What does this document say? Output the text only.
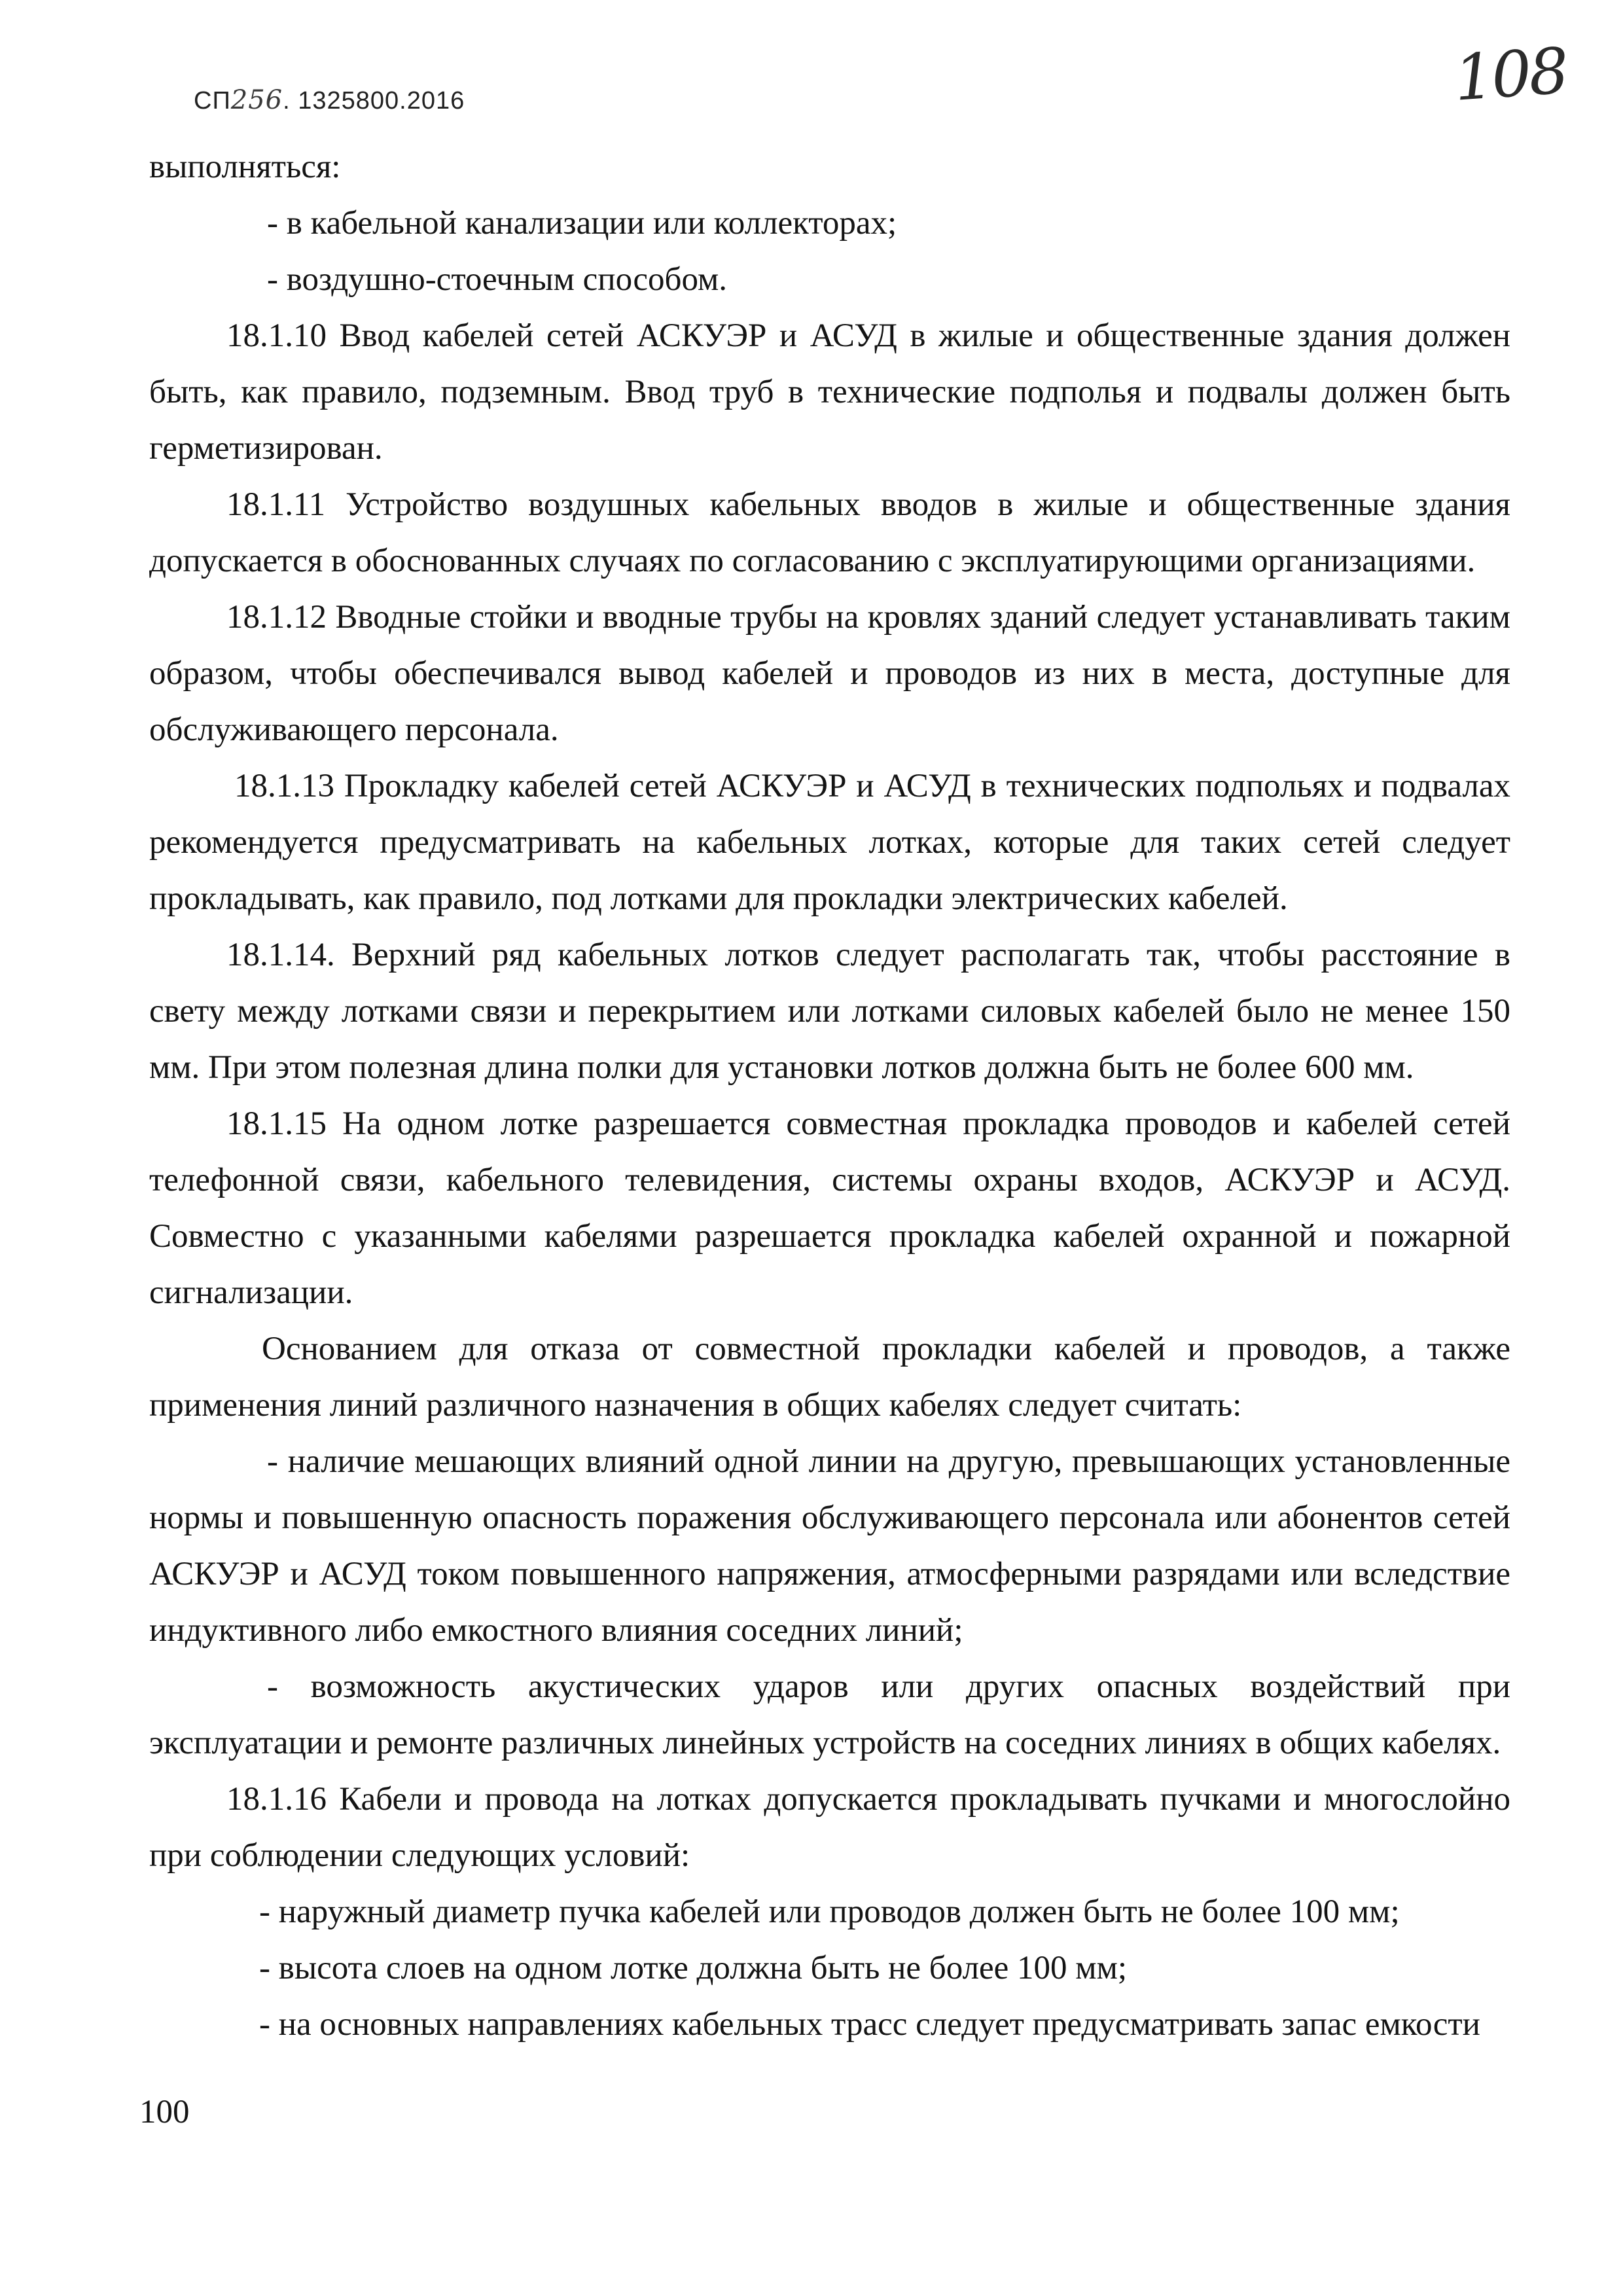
СП256. 1325800.2016	108

выполняться:

- в кабельной канализации или коллекторах;

- воздушно-стоечным способом.

18.1.10 Ввод кабелей сетей АСКУЭР и АСУД в жилые и общественные здания должен быть, как правило, подземным. Ввод труб в технические подполья и подвалы должен быть герметизирован.

18.1.11 Устройство воздушных кабельных вводов в жилые и общественные здания допускается в обоснованных случаях по согласованию с эксплуатирующими организациями.

18.1.12 Вводные стойки и вводные трубы на кровлях зданий следует устанавливать таким образом, чтобы обеспечивался вывод кабелей и проводов из них в места, доступные для обслуживающего персонала.

18.1.13 Прокладку кабелей сетей АСКУЭР и АСУД в технических подпольях и подвалах рекомендуется предусматривать на кабельных лотках, которые для таких сетей следует прокладывать, как правило, под лотками для прокладки электрических кабелей.

18.1.14. Верхний ряд кабельных лотков следует располагать так, чтобы расстояние в свету между лотками связи и перекрытием или лотками силовых кабелей было не менее 150 мм. При этом полезная длина полки для установки лотков должна быть не более 600 мм.

18.1.15 На одном лотке разрешается совместная прокладка проводов и кабелей сетей телефонной связи, кабельного телевидения, системы охраны входов, АСКУЭР и АСУД. Совместно с указанными кабелями разрешается прокладка кабелей охранной и пожарной сигнализации.

Основанием для отказа от совместной прокладки кабелей и проводов, а также применения линий различного назначения в общих кабелях следует считать:

- наличие мешающих влияний одной линии на другую, превышающих установленные нормы и повышенную опасность поражения обслуживающего персонала или абонентов сетей АСКУЭР и АСУД током повышенного напряжения, атмосферными разрядами или вследствие индуктивного либо емкостного влияния соседних линий;

- возможность акустических ударов или других опасных воздействий при эксплуатации и ремонте различных линейных устройств на соседних линиях в общих кабелях.

18.1.16 Кабели и провода на лотках допускается прокладывать пучками и многослойно при соблюдении следующих условий:

- наружный диаметр пучка кабелей или проводов должен быть не более 100 мм;

- высота слоев на одном лотке должна быть не более 100 мм;

- на основных направлениях кабельных трасс следует предусматривать запас емкости

100
